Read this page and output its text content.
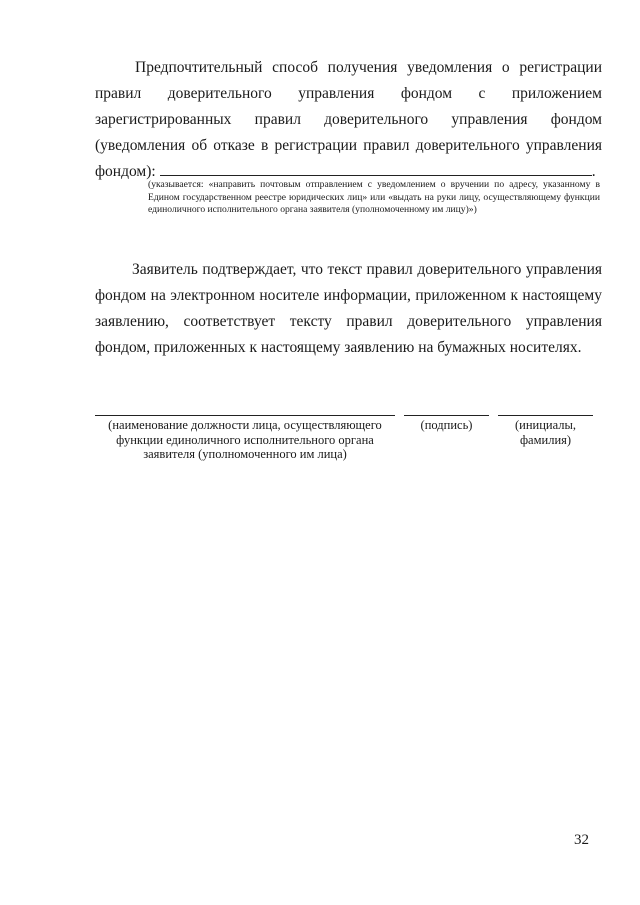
Предпочтительный способ получения уведомления о регистрации правил доверительного управления фондом с приложением зарегистрированных правил доверительного управления фондом (уведомления об отказе в регистрации правил доверительного управления фондом):	.
(указывается: «направить почтовым отправлением с уведомлением о вручении по адресу, указанному в Едином государственном реестре юридических лиц» или «выдать на руки лицу, осуществляющему функции единоличного исполнительного органа заявителя (уполномоченному им лицу)»)
Заявитель подтверждает, что текст правил доверительного управления фондом на электронном носителе информации, приложенном к настоящему заявлению, соответствует тексту правил доверительного управления фондом, приложенных к настоящему заявлению на бумажных носителях.
(наименование должности лица, осуществляющего функции единоличного исполнительного органа заявителя (уполномоченного им лица)
(подпись)	(инициалы, фамилия)
32
